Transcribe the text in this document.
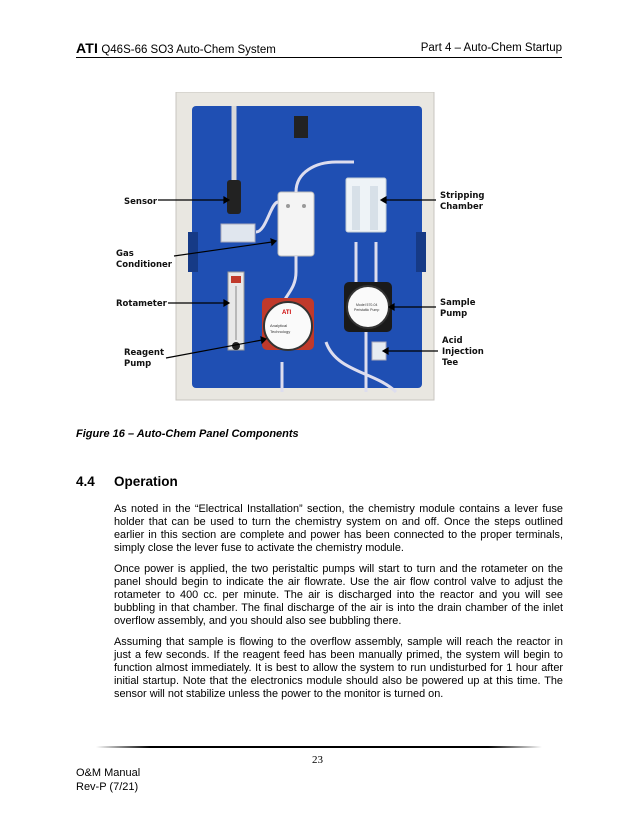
ATI Q46S-66 SO3 Auto-Chem System	Part 4 – Auto-Chem Startup
ATI
Analytical
Technology
Model 570-04
Peristaltic Pump
Sensor
Gas
Conditioner
Rotameter
Reagent
Pump
Stripping
Chamber
Sample
Pump
Acid
Injection
Tee
Figure 16 – Auto-Chem Panel Components
4.4 Operation
As noted in the “Electrical Installation” section, the chemistry module contains a lever fuse holder that can be used to turn the chemistry system on and off. Once the steps outlined earlier in this section are complete and power has been connected to the proper terminals, simply close the lever fuse to activate the chemistry module.
Once power is applied, the two peristaltic pumps will start to turn and the rotameter on the panel should begin to indicate the air flowrate. Use the air flow control valve to adjust the rotameter to 400 cc. per minute. The air is discharged into the reactor and you will see bubbling in that chamber. The final discharge of the air is into the drain chamber of the inlet overflow assembly, and you should also see bubbling there.
Assuming that sample is flowing to the overflow assembly, sample will reach the reactor in just a few seconds. If the reagent feed has been manually primed, the system will begin to function almost immediately. It is best to allow the system to run undisturbed for 1 hour after initial startup. Note that the electronics module should also be powered up at this time. The sensor will not stabilize unless the power to the monitor is turned on.
23
O&M Manual
Rev-P (7/21)
